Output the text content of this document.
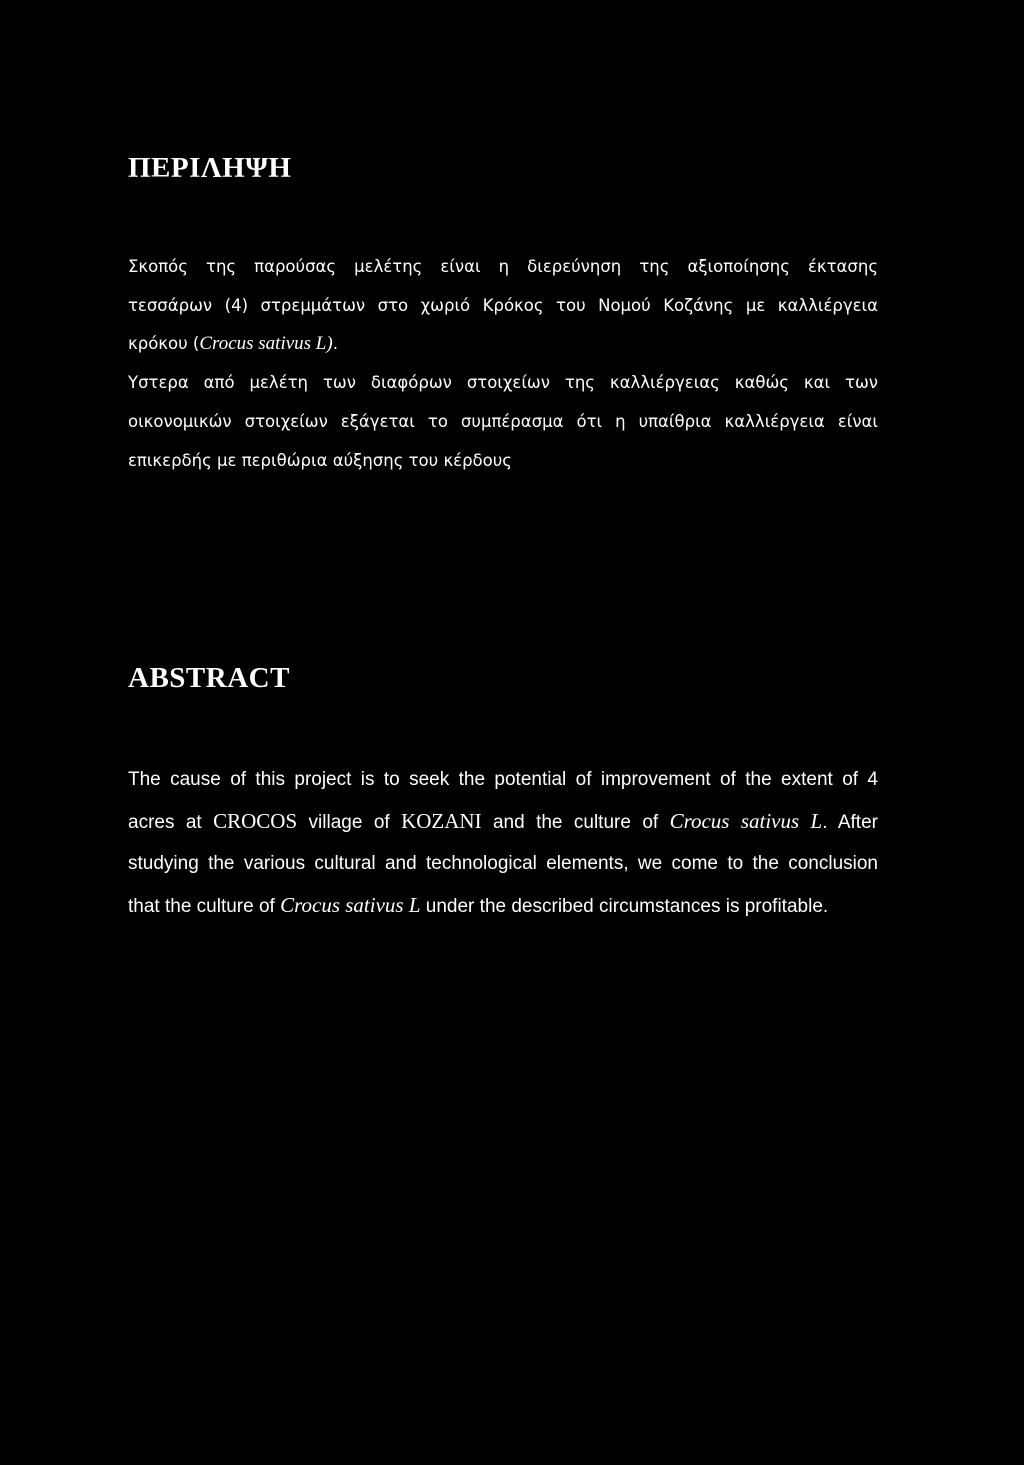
ΠΕΡΙΛΗΨΗ
Σκοπός της παρούσας μελέτης είναι η διερεύνηση της αξιοποίησης έκτασης
τεσσάρων (4) στρεμμάτων στο χωριό Κρόκος του Νομού Κοζάνης με καλλιέργεια
κρόκου (Crocus sativus L).
Υστερα από μελέτη των διαφόρων στοιχείων της καλλιέργειας καθώς και των
οικονομικών στοιχείων εξάγεται το συμπέρασμα ότι η υπαίθρια καλλιέργεια είναι
επικερδής με περιθώρια αύξησης του κέρδους
ABSTRACT
The cause of this project is to seek the potential of improvement of the extent of 4
acres at CROCOS village of KOZANI and the culture of Crocus sativus L. After
studying the various cultural and technological elements, we come to the conclusion
that the culture of Crocus sativus L under the described circumstances is profitable.
